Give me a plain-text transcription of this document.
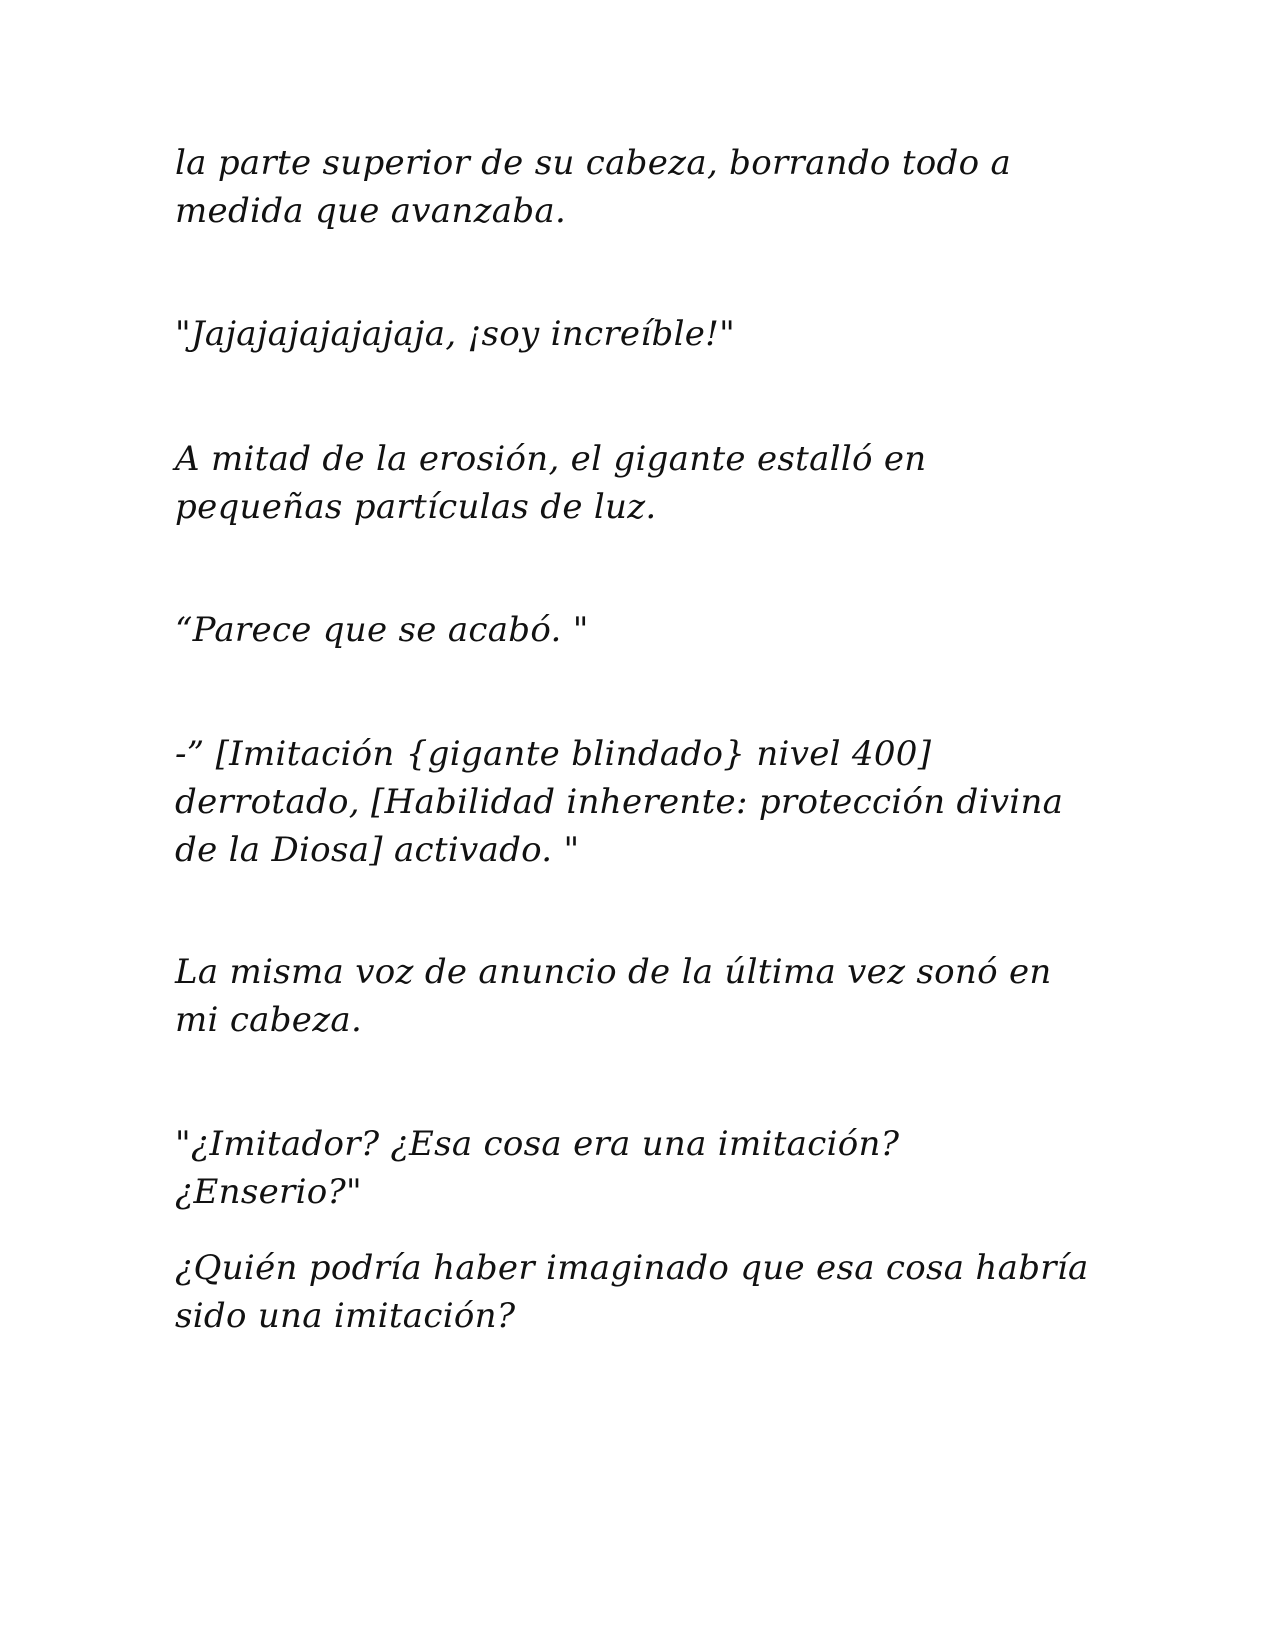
la parte superior de su cabeza, borrando todo a medida que avanzaba.

"Jajajajajajajaja, ¡soy increíble!"

A mitad de la erosión, el gigante estalló en pequeñas partículas de luz.

“Parece que se acabó. "

-” [Imitación {gigante blindado} nivel 400] derrotado, [Habilidad inherente: protección divina de la Diosa] activado. "

La misma voz de anuncio de la última vez sonó en mi cabeza.

"¿Imitador? ¿Esa cosa era una imitación? ¿Enserio?"

¿Quién podría haber imaginado que esa cosa habría sido una imitación?
